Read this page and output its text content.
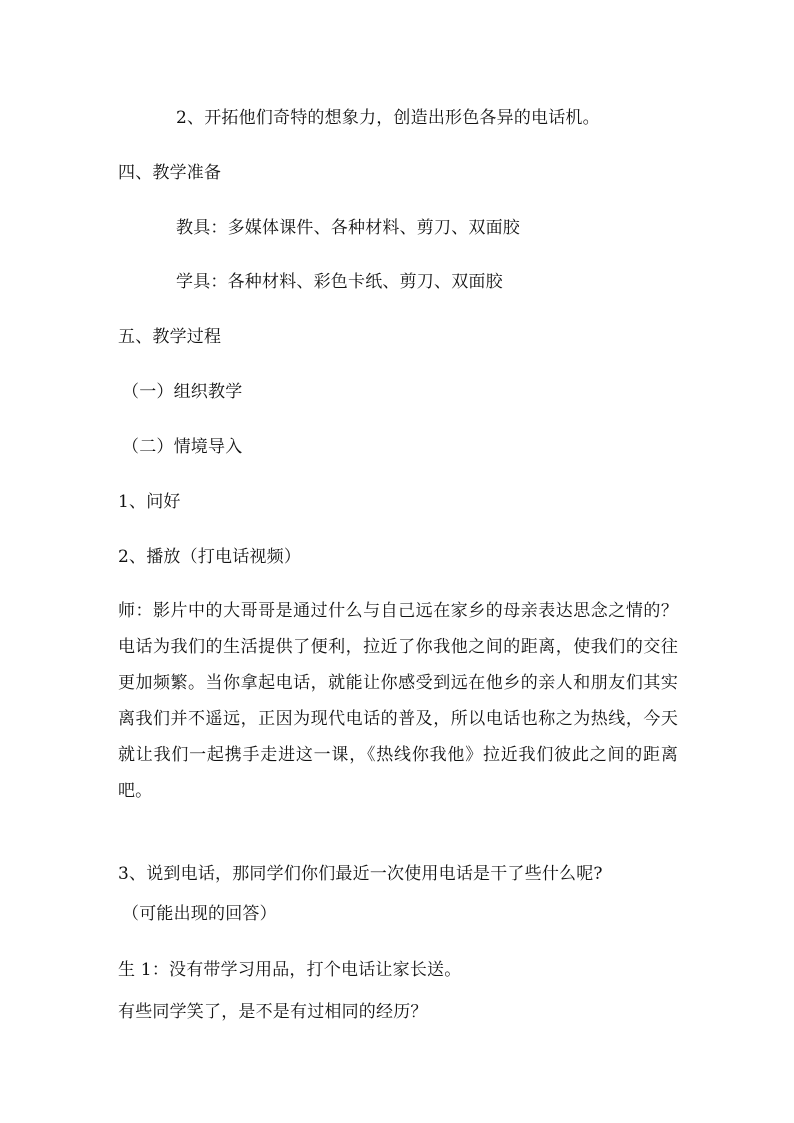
2、开拓他们奇特的想象力，创造出形色各异的电话机。
四、教学准备
教具：多媒体课件、各种材料、剪刀、双面胶
学具：各种材料、彩色卡纸、剪刀、双面胶
五、教学过程
（一）组织教学
（二）情境导入
1、问好
2、播放（打电话视频）
师：影片中的大哥哥是通过什么与自己远在家乡的母亲表达思念之情的？电话为我们的生活提供了便利，拉近了你我他之间的距离，使我们的交往更加频繁。当你拿起电话，就能让你感受到远在他乡的亲人和朋友们其实离我们并不遥远，正因为现代电话的普及，所以电话也称之为热线，今天就让我们一起携手走进这一课，《热线你我他》拉近我们彼此之间的距离吧。
3、说到电话，那同学们你们最近一次使用电话是干了些什么呢?
（可能出现的回答）
生 1：没有带学习用品，打个电话让家长送。
有些同学笑了，是不是有过相同的经历？
